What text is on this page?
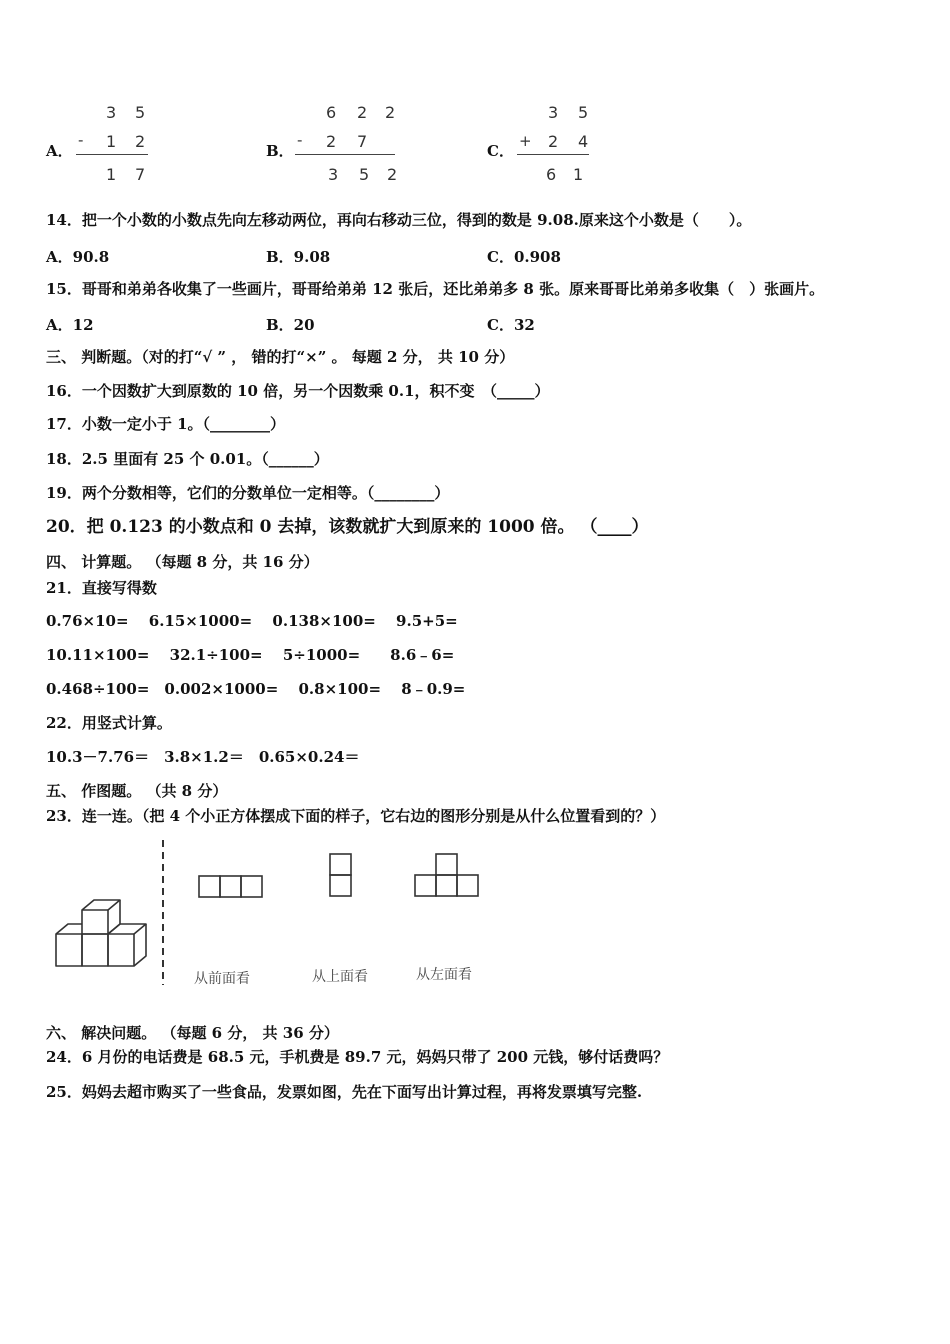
A．
3 5
- 1 2
1 7
B．
6 2 2
- 2 7
3 5 2
C．
3 5
+ 2 4
6 1
14．把一个小数的小数点先向左移动两位，再向右移动三位，得到的数是 9.08.原来这个小数是（　　）。
A．90.8	B．9.08	C．0.908
15．哥哥和弟弟各收集了一些画片，哥哥给弟弟 12 张后，还比弟弟多 8 张。原来哥哥比弟弟多收集（　）张画片。
A．12	B．20	C．32
三、 判断题。（对的打“√ ” ， 错的打“×” 。 每题 2 分， 共 10 分）
16．一个因数扩大到原数的 10 倍，另一个因数乘 0.1，积不变　（_____）
17．小数一定小于 1。（________）
18．2.5 里面有 25 个 0.01。（______）
19．两个分数相等，它们的分数单位一定相等。（________）
20．把 0.123 的小数点和 0 去掉，该数就扩大到原来的 1000 倍。 （____）
四、 计算题。 （每题 8 分，共 16 分）
21．直接写得数
0.76×10=　 6.15×1000=　 0.138×100=　 9.5+5=
10.11×100=　 32.1÷100=　 5÷1000=　　8.6﹣6=
0.468÷100=　0.002×1000=　 0.8×100=　 8﹣0.9=
22．用竖式计算。
10.3－7.76＝　3.8×1.2＝　0.65×0.24＝
五、 作图题。 （共 8 分）
23．连一连。（把 4 个小正方体摆成下面的样子，它右边的图形分别是从什么位置看到的？）
从前面看	从上面看	从左面看
六、 解决问题。 （每题 6 分， 共 36 分）
24．6 月份的电话费是 68.5 元，手机费是 89.7 元，妈妈只带了 200 元钱，够付话费吗？
25．妈妈去超市购买了一些食品，发票如图，先在下面写出计算过程，再将发票填写完整.
